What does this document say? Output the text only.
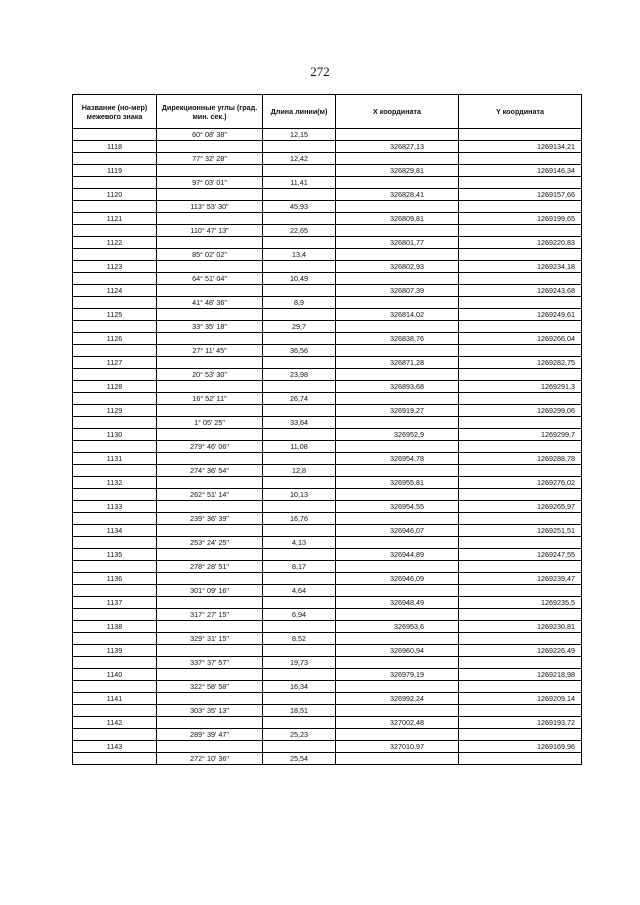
272
Название (но-мер) межевого знака	Дирекционные углы (град. мин. сек.)	Длина линии(м)	Х координата	Y координата
	60° 08' 38"	12,15		
1118			326827,13	1269134,21
	77° 32' 28"	12,42		
1119			326829,81	1269146,34
	97° 03' 01"	11,41		
1120			326828,41	1269157,66
	113° 53' 30"	45,93		
1121			326809,81	1269199,65
	110° 47' 13"	22,65		
1122			326801,77	1269220,83
	85° 02' 02"	13,4		
1123			326802,93	1269234,18
	64° 51' 04"	10,49		
1124			326807,39	1269243,68
	41° 48' 36"	8,9		
1125			326814,02	1269249,61
	33° 35' 18"	29,7		
1126			326838,76	1269266,04
	27° 11' 45"	36,56		
1127			326871,28	1269282,75
	20° 53' 30"	23,98		
1128			326893,68	1269291,3
	16° 52' 11"	26,74		
1129			326919,27	1269299,06
	1° 05' 25"	33,64		
1130			326952,9	1269299,7
	279° 46' 06"	11,08		
1131			326954,78	1269288,78
	274° 36' 54"	12,8		
1132			326955,81	1269276,02
	262° 51' 14"	10,13		
1133			326954,55	1269265,97
	239° 36' 39"	16,76		
1134			326946,07	1269251,51
	253° 24' 25"	4,13		
1135			326944,89	1269247,55
	278° 28' 51"	8,17		
1136			326946,09	1269239,47
	301° 09' 16"	4,64		
1137			326948,49	1269235,5
	317° 27' 15"	6,94		
1138			326953,6	1269230,81
	329° 31' 15"	8,52		
1139			326960,94	1269226,49
	337° 37' 57"	19,73		
1140			326979,19	1269218,98
	322° 58' 58"	16,34		
1141			326992,24	1269209,14
	303° 35' 13"	18,51		
1142			327002,48	1269193,72
	289° 39' 47"	25,23		
1143			327010,97	1269169,96
	272° 10' 36"	25,54		
